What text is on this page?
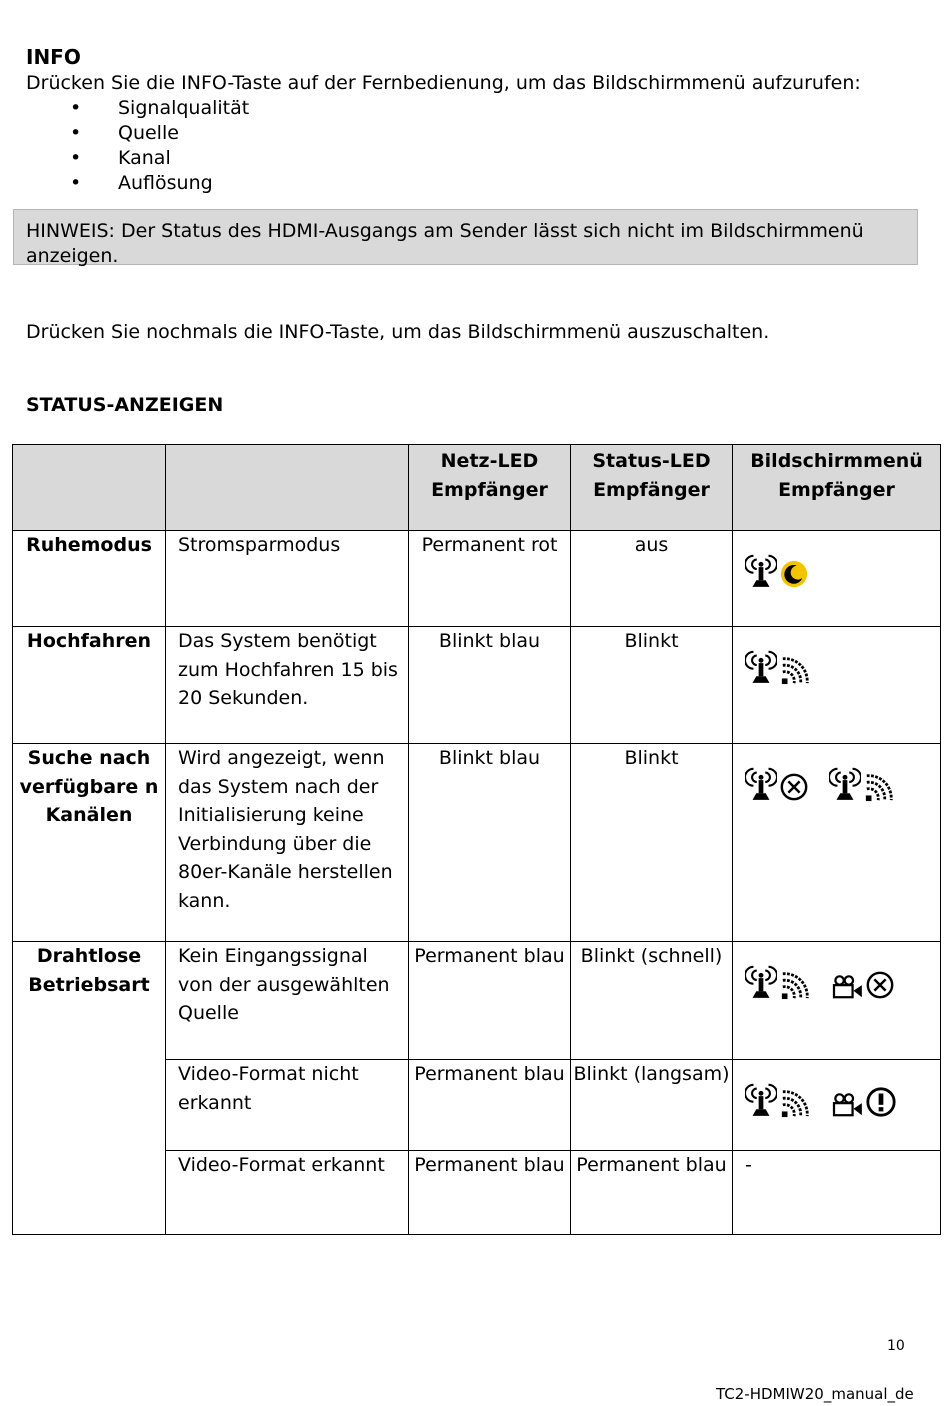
INFO
Drücken Sie die INFO-Taste auf der Fernbedienung, um das Bildschirmmenü aufzurufen:
• Signalqualität
• Quelle
• Kanal
• Auflösung
HINWEIS: Der Status des HDMI-Ausgangs am Sender lässt sich nicht im Bildschirmmenü anzeigen.
Drücken Sie nochmals die INFO-Taste, um das Bildschirmmenü auszuschalten.
STATUS-ANZEIGEN
		Netz-LED Empfänger	Status-LED Empfänger	Bildschirmmenü Empfänger
Ruhemodus	Stromsparmodus	Permanent rot	aus	

Hochfahren	Das System benötigt zum Hochfahren 15 bis 20 Sekunden.	Blinkt blau	Blinkt	

Suche nach verfügbare n Kanälen	Wird angezeigt, wenn das System nach der Initialisierung keine Verbindung über die 80er-Kanäle herstellen kann.	Blinkt blau	Blinkt	

Drahtlose Betriebsart	Kein Eingangssignal von der ausgewählten Quelle	Permanent blau	Blinkt (schnell)	

	Video-Format nicht erkannt	Permanent blau	Blinkt (langsam)	

	Video-Format erkannt	Permanent blau	Permanent blau	-
10
TC2-HDMIW20_manual_de
